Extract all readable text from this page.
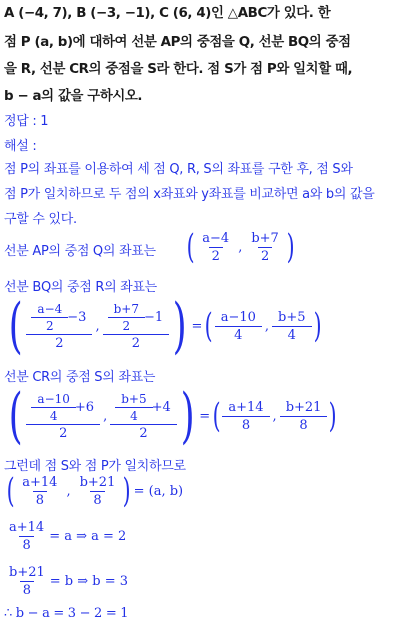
A (−4, 7), B (−3, −1), C (6, 4)인 △ABC가 있다. 한
점 P (a, b)에 대하여 선분 AP의 중점을 Q, 선분 BQ의 중점
을 R, 선분 CR의 중점을 S라 한다. 점 S가 점 P와 일치할 때,
b − a의 값을 구하시오.
정답 : 1
해설 :
점 P의 좌표를 이용하여 세 점 Q, R, S의 좌표를 구한 후, 점 S와
점 P가 일치하므로 두 점의 x좌표와 y좌표를 비교하면 a와 b의 값을
구할 수 있다.
선분 AP의 중점 Q의 좌표는 ( $\frac{a-4}{2}$ , $\frac{b+7}{2}$ )
선분 BQ의 중점 R의 좌표는
( $\frac{\frac{a-4}{2} -3}{2}$ , $\frac{\frac{b+7}{2} -1}{2}$ ) = ( $\frac{a-10}{4}$ , $\frac{b+5}{4}$ )
선분 CR의 중점 S의 좌표는
( $\frac{\frac{a-10}{4} +6}{2}$ , $\frac{\frac{b+5}{4} +4}{2}$ ) = ( $\frac{a+14}{8}$ , $\frac{b+21}{8}$ )
그런데 점 S와 점 P가 일치하므로
( $\frac{a+14}{8}$ , $\frac{b+21}{8}$ ) = (a, b)
$\frac{a+14}{8} = a$ ⇒ a = 2
$\frac{b+21}{8} = b$ ⇒ b = 3
∴ b − a = 3 − 2 = 1
